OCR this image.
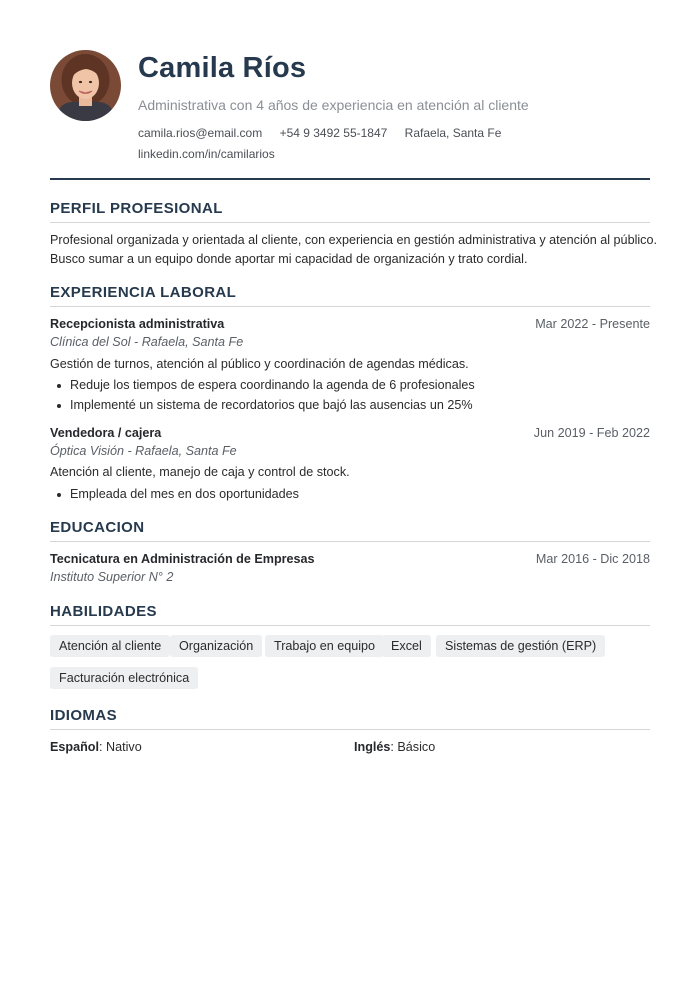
Camila Ríos
Administrativa con 4 años de experiencia en atención al cliente
camila.rios@email.com +54 9 3492 55-1847 Rafaela, Santa Fe
linkedin.com/in/camilarios
PERFIL PROFESIONAL
Profesional organizada y orientada al cliente, con experiencia en gestión administrativa y atención al público.
Busco sumar a un equipo donde aportar mi capacidad de organización y trato cordial.
EXPERIENCIA LABORAL
Recepcionista administrativa	Mar 2022 - Presente
Clínica del Sol - Rafaela, Santa Fe
Gestión de turnos, atención al público y coordinación de agendas médicas.
Reduje los tiempos de espera coordinando la agenda de 6 profesionales
Implementé un sistema de recordatorios que bajó las ausencias un 25%
Vendedora / cajera	Jun 2019 - Feb 2022
Óptica Visión - Rafaela, Santa Fe
Atención al cliente, manejo de caja y control de stock.
Empleada del mes en dos oportunidades
EDUCACION
Tecnicatura en Administración de Empresas	Mar 2016 - Dic 2018
Instituto Superior N° 2
HABILIDADES
Atención al cliente	Organización	Trabajo en equipo	Excel	Sistemas de gestión (ERP)
Facturación electrónica
IDIOMAS
Español: Nativo	Inglés: Básico
